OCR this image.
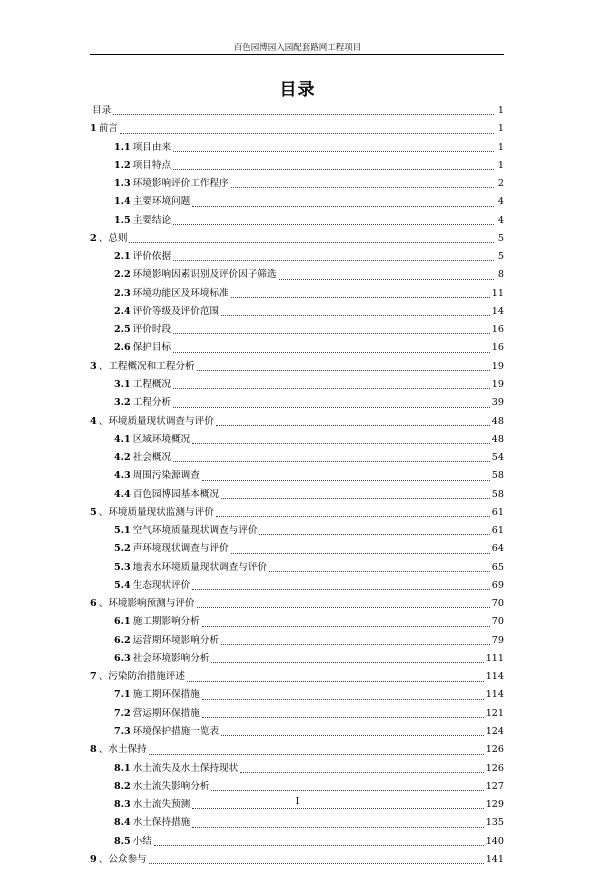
百色园博园入园配套路网工程项目
目录
目录	1
1 前言	1
1.1 项目由来	1
1.2 项目特点	1
1.3 环境影响评价工作程序	2
1.4 主要环境问题	4
1.5 主要结论	4
2 、总则	5
2.1 评价依据	5
2.2 环境影响因素识别及评价因子筛选	8
2.3 环境功能区及环境标准	11
2.4 评价等级及评价范围	14
2.5 评价时段	16
2.6 保护目标	16
3 、工程概况和工程分析	19
3.1 工程概况	19
3.2 工程分析	39
4 、环境质量现状调查与评价	48
4.1 区域环境概况	48
4.2 社会概况	54
4.3 周围污染源调查	58
4.4 百色园博园基本概况	58
5 、环境质量现状监测与评价	61
5.1 空气环境质量现状调查与评价	61
5.2 声环境现状调查与评价	64
5.3 地表水环境质量现状调查与评价	65
5.4 生态现状评价	69
6 、环境影响预测与评价	70
6.1 施工期影响分析	70
6.2 运营期环境影响分析	79
6.3 社会环境影响分析	111
7 、污染防治措施评述	114
7.1 施工期环保措施	114
7.2 营运期环保措施	121
7.3 环境保护措施一览表	124
8 、水土保持	126
8.1 水土流失及水土保持现状	126
8.2 水土流失影响分析	127
8.3 水土流失预测	129
8.4 水土保持措施	135
8.5 小结	140
9 、公众参与	141
I
